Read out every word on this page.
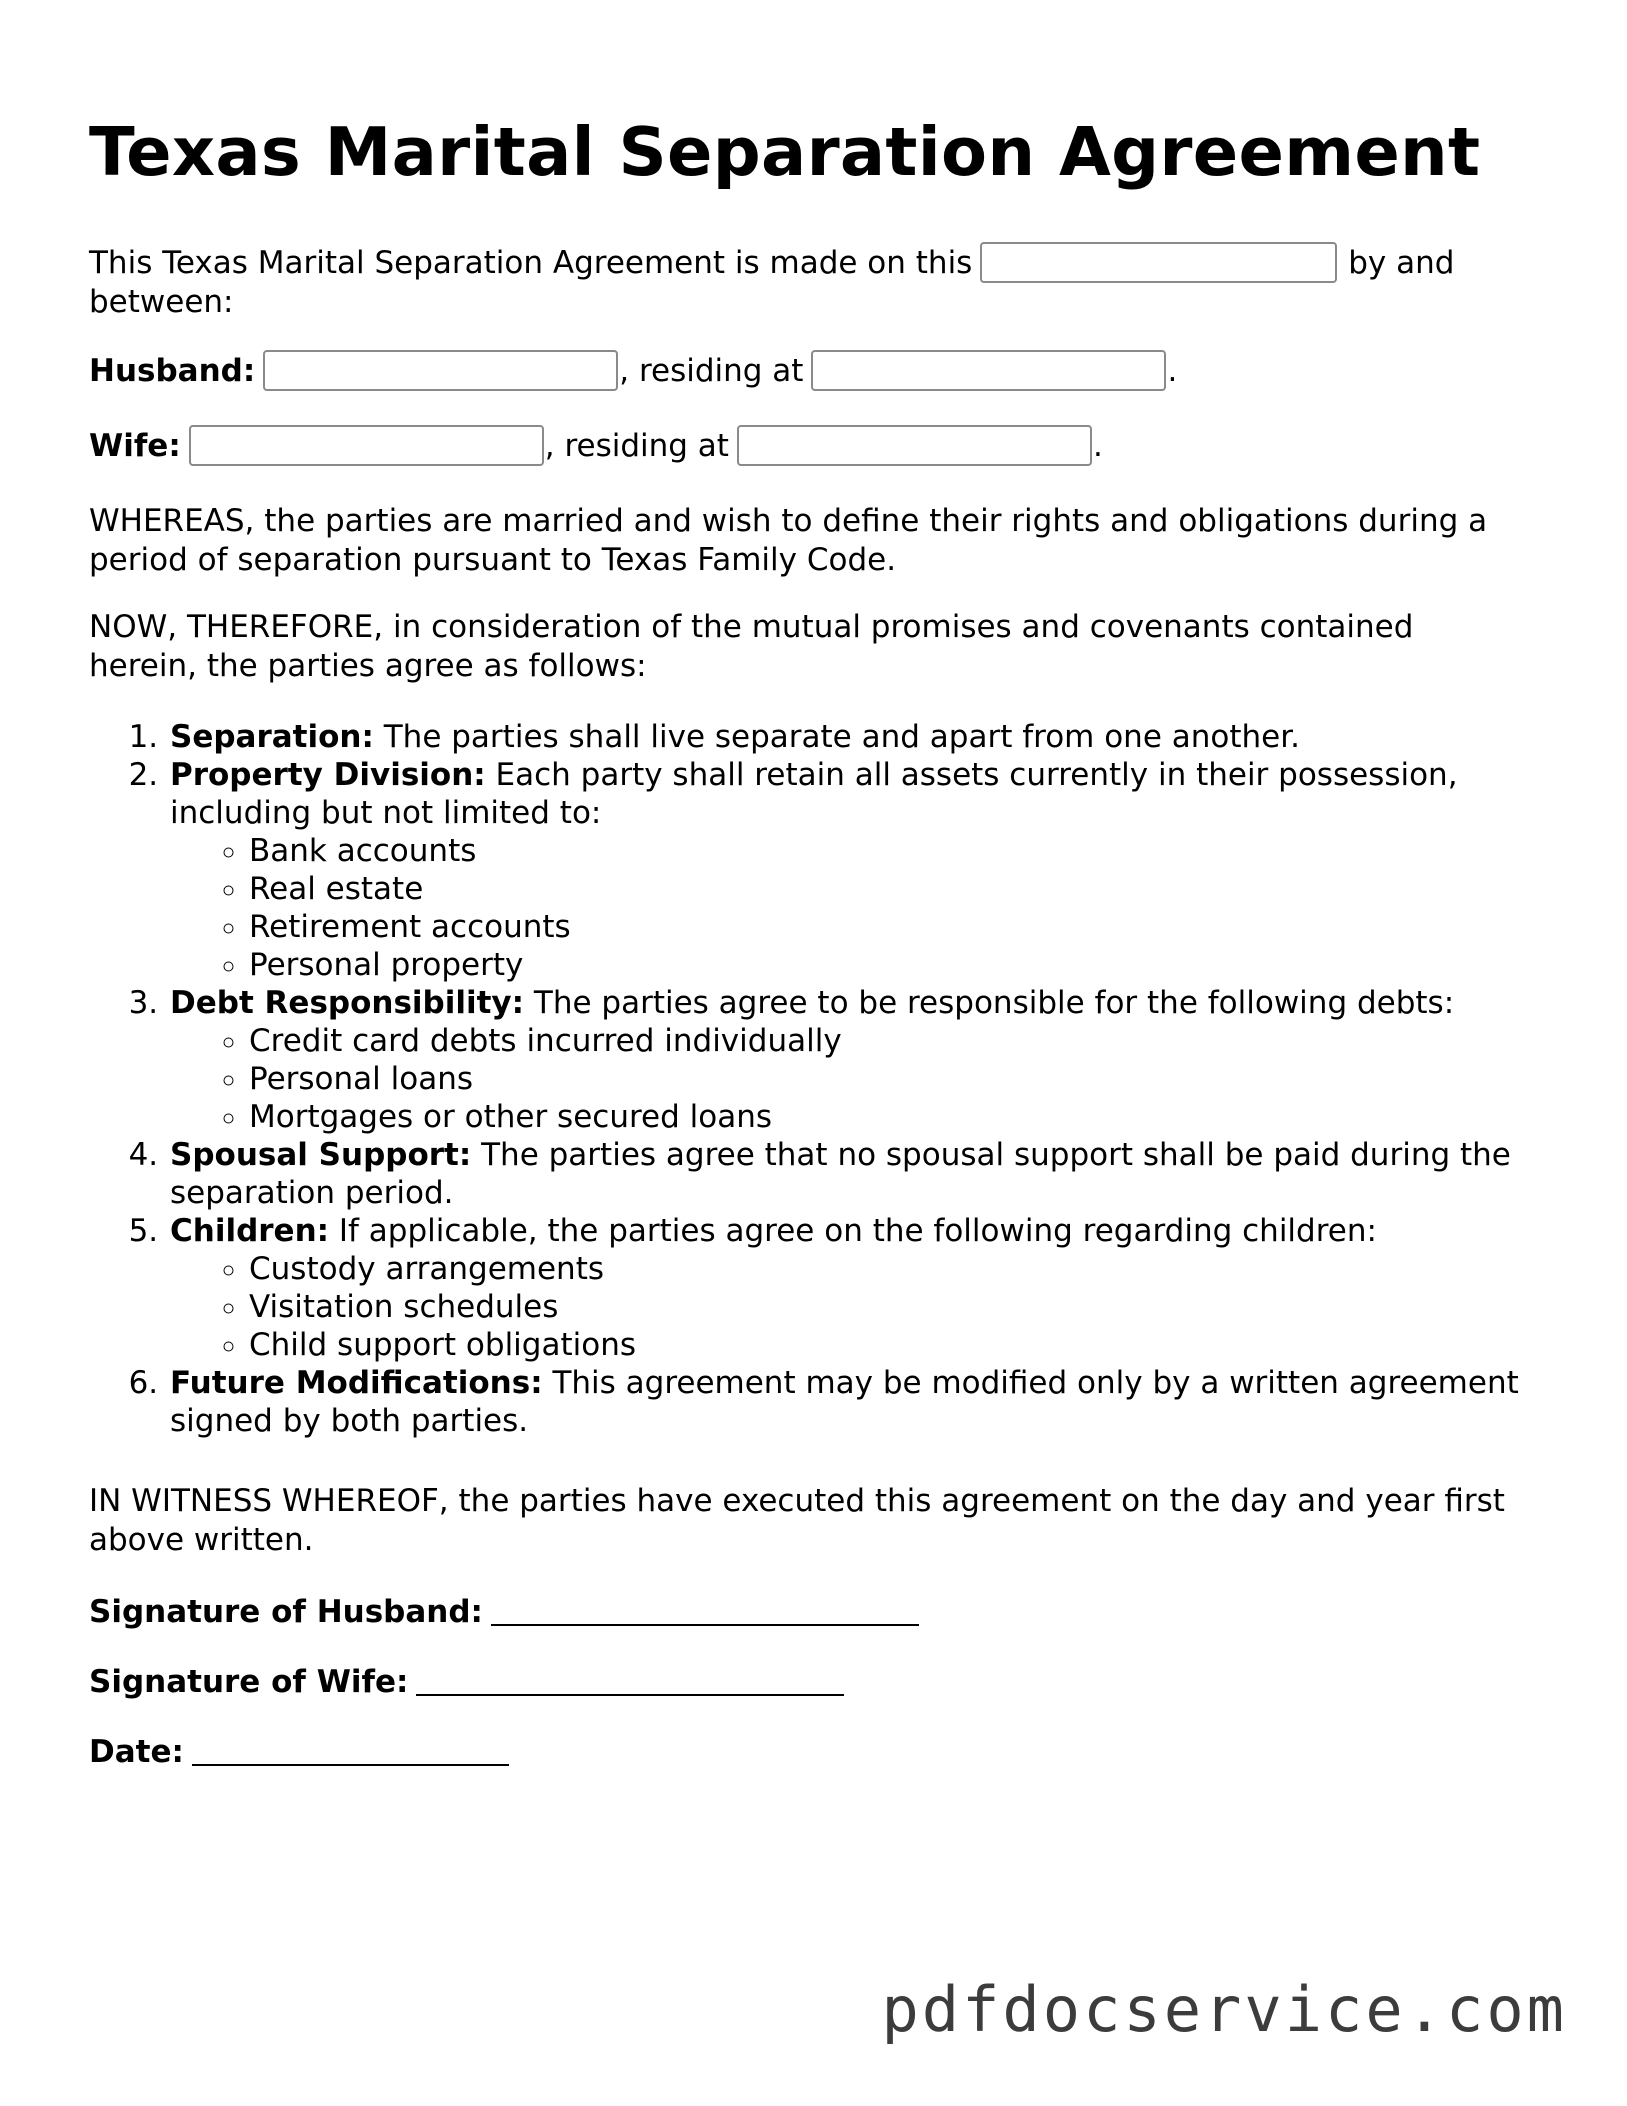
Texas Marital Separation Agreement

This Texas Marital Separation Agreement is made on this	by and between:

Husband:	, residing at	.
Wife:	, residing at	.

WHEREAS, the parties are married and wish to define their rights and obligations during a period of separation pursuant to Texas Family Code.

NOW, THEREFORE, in consideration of the mutual promises and covenants contained herein, the parties agree as follows:

1. Separation: The parties shall live separate and apart from one another.
2. Property Division: Each party shall retain all assets currently in their possession, including but not limited to:
◦ Bank accounts
◦ Real estate
◦ Retirement accounts
◦ Personal property
3. Debt Responsibility: The parties agree to be responsible for the following debts:
◦ Credit card debts incurred individually
◦ Personal loans
◦ Mortgages or other secured loans
4. Spousal Support: The parties agree that no spousal support shall be paid during the separation period.
5. Children: If applicable, the parties agree on the following regarding children:
◦ Custody arrangements
◦ Visitation schedules
◦ Child support obligations
6. Future Modifications: This agreement may be modified only by a written agreement signed by both parties.

IN WITNESS WHEREOF, the parties have executed this agreement on the day and year first above written.

Signature of Husband:
Signature of Wife:
Date:
pdfdocservice.com
